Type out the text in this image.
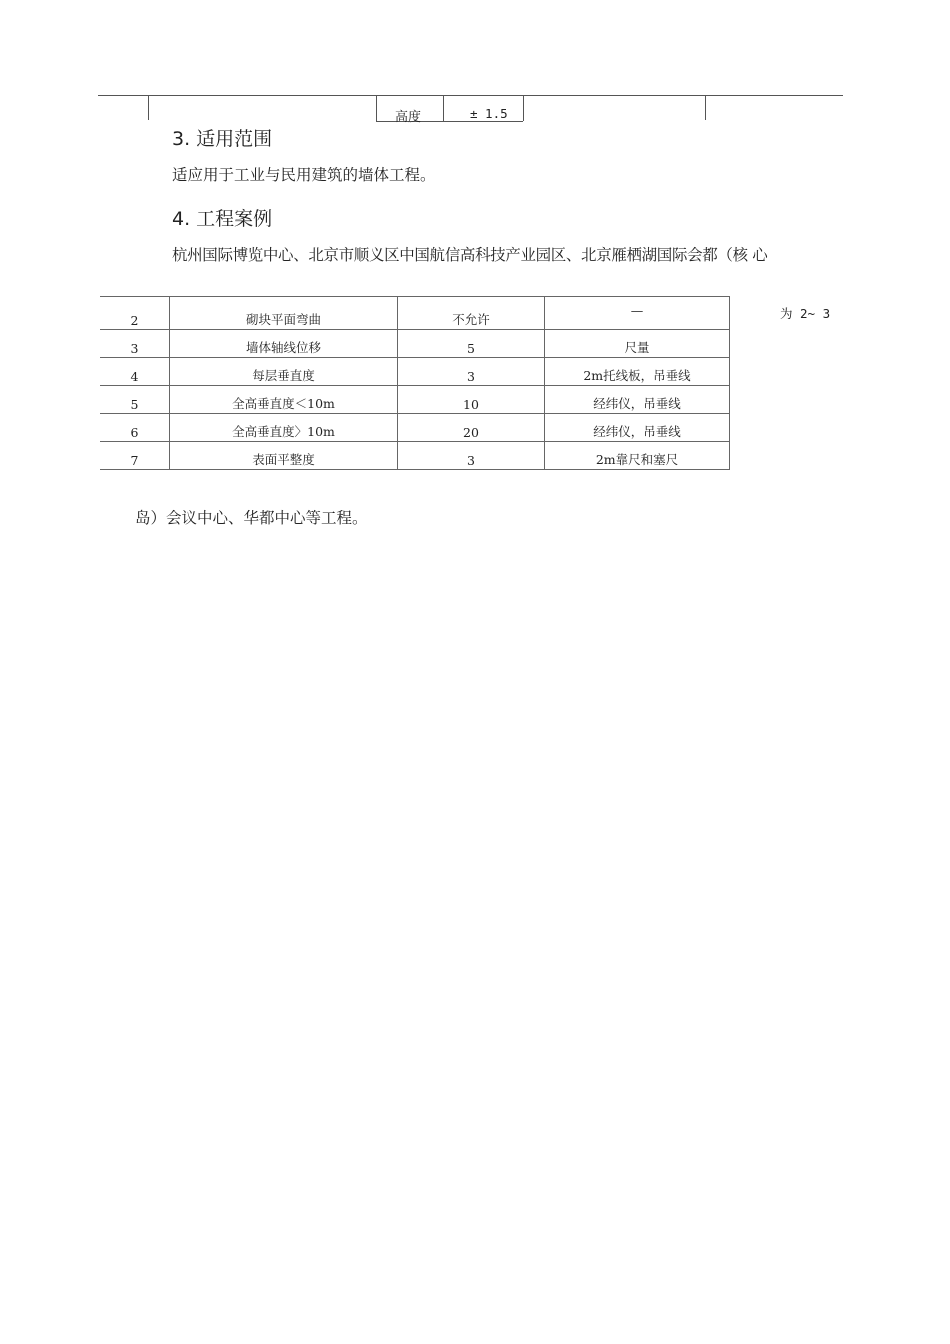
高度	± 1.5
3. 适用范围
适应用于工业与民用建筑的墙体工程。
4. 工程案例
杭州国际博览中心、北京市顺义区中国航信高科技产业园区、北京雁栖湖国际会都（核 心
为 2~ 3
2	砌块平面弯曲	不允许	—
3	墙体轴线位移	5	尺量
4	每层垂直度	3	2m托线板，吊垂线
5	全高垂直度＜10m	10	经纬仪，吊垂线
6	全高垂直度〉10m	20	经纬仪，吊垂线
7	表面平整度	3	2m靠尺和塞尺
岛）会议中心、华都中心等工程。
